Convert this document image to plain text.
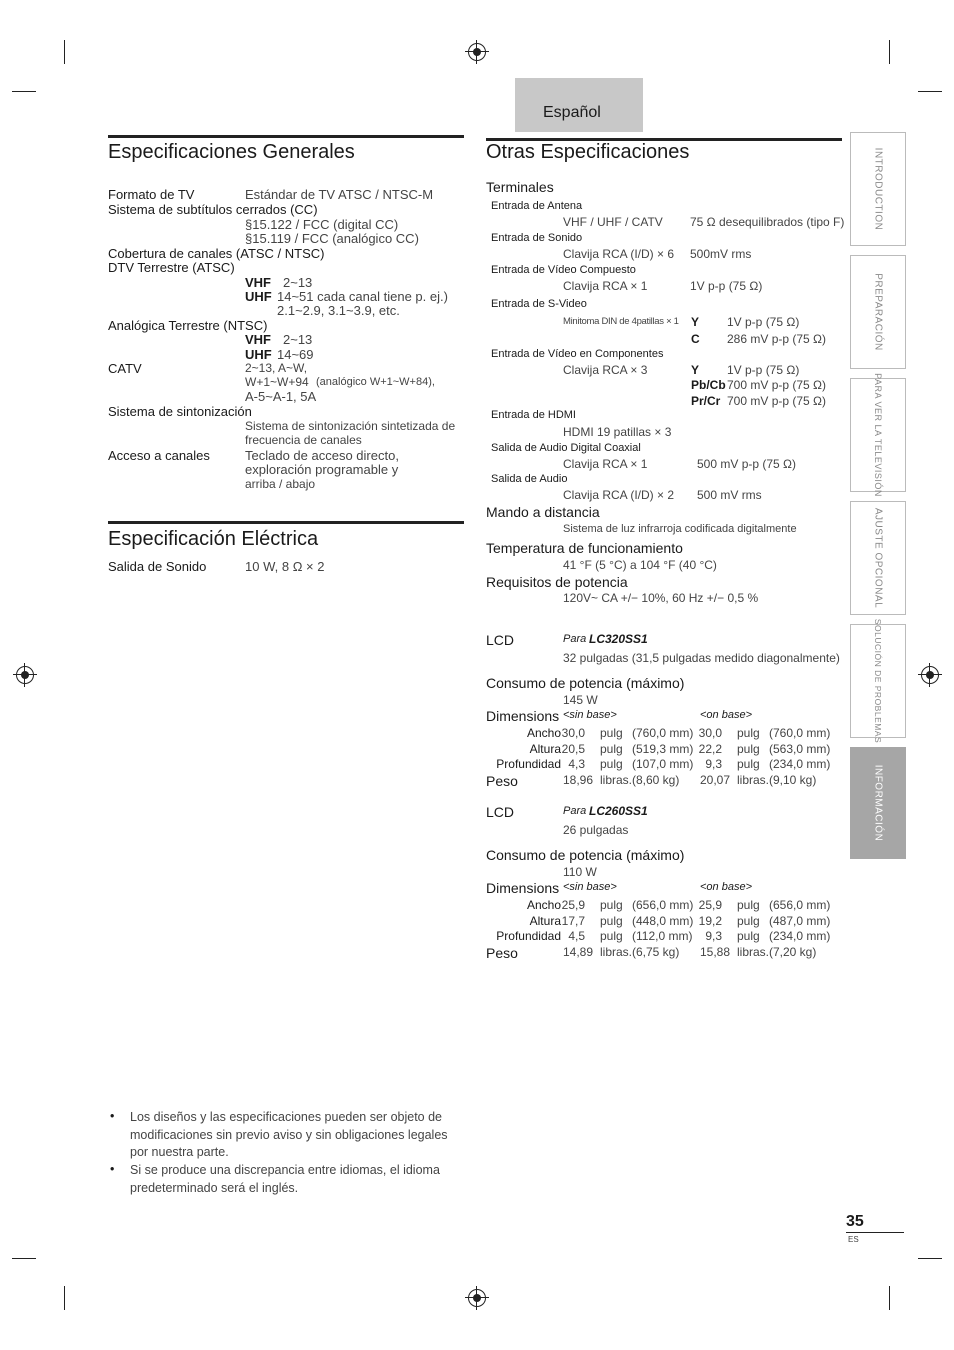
Español
INTRODUCTION
PREPARACIÓN
PARA VER LA TELEVISIÓN
AJUSTE OPCIONAL
SOLUCIÓN DE PROBLEMAS
INFORMACIÓN
Especificaciones Generales
Formato de TV	Estándar de TV ATSC / NTSC-M
Sistema de subtítulos cerrados (CC)
§15.122 / FCC (digital CC)
§15.119 / FCC (analógico CC)
Cobertura de canales (ATSC / NTSC)
DTV Terrestre (ATSC)
VHF 2~13
UHF 14~51 cada canal tiene p. ej.)
2.1~2.9, 3.1~3.9, etc.
Analógica Terrestre (NTSC)
VHF 2~13
UHF 14~69
CATV	2~13, A~W,
W+1~W+94 (analógico W+1~W+84),
A-5~A-1, 5A
Sistema de sintonización
Sistema de sintonización sintetizada de
frecuencia de canales
Acceso a canales	Teclado de acceso directo,
exploración programable y
arriba / abajo
Especificación Eléctrica
Salida de Sonido	10 W, 8 Ω × 2
• Los diseños y las especificaciones pueden ser objeto de modificaciones sin previo aviso y sin obligaciones legales por nuestra parte.

• Si se produce una discrepancia entre idiomas, el idioma predeterminado será el inglés.

Otras Especificaciones
Terminales
Entrada de Antena
VHF / UHF / CATV 75 Ω desequilibrados (tipo F)
Entrada de Sonido
Clavija RCA (I/D) × 6 500mV rms
Entrada de Vídeo Compuesto
Clavija RCA × 1	1V p-p (75 Ω)
Entrada de S-Video
Minitoma DIN de 4patillas × 1 Y 1V p-p (75 Ω)
C 286 mV p-p (75 Ω)
Entrada de Vídeo en Componentes
Clavija RCA × 3	Y 1V p-p (75 Ω)
Pb/Cb 700 mV p-p (75 Ω)
Pr/Cr 700 mV p-p (75 Ω)
Entrada de HDMI
HDMI 19 patillas × 3
Salida de Audio Digital Coaxial
Clavija RCA × 1	500 mV p-p (75 Ω)
Salida de Audio
Clavija RCA (I/D) × 2 500 mV rms
Mando a distancia
Sistema de luz infrarroja codificada digitalmente
Temperatura de funcionamiento
41 °F (5 °C) a 104 °F (40 °C)
Requisitos de potencia
120V~ CA +/− 10%, 60 Hz +/− 0,5 %
LCD	Para LC320SS1
32 pulgadas (31,5 pulgadas medido diagonalmente)
Consumo de potencia (máximo)
145 W
Dimensions <sin base>	<on base>
Ancho 30,0 pulg (760,0 mm) 30,0 pulg (760,0 mm)
Altura 20,5 pulg (519,3 mm) 22,2 pulg (563,0 mm)
Profundidad 4,3 pulg (107,0 mm) 9,3 pulg (234,0 mm)
Peso	18,96 libras. (8,60 kg) 20,07 libras. (9,10 kg)
LCD	Para LC260SS1
26 pulgadas
Consumo de potencia (máximo)
110 W
Dimensions <sin base>	<on base>
Ancho 25,9 pulg (656,0 mm) 25,9 pulg (656,0 mm)
Altura 17,7 pulg (448,0 mm) 19,2 pulg (487,0 mm)
Profundidad 4,5 pulg (112,0 mm) 9,3 pulg (234,0 mm)
Peso	14,89 libras. (6,75 kg) 15,88 libras. (7,20 kg)
35
ES
